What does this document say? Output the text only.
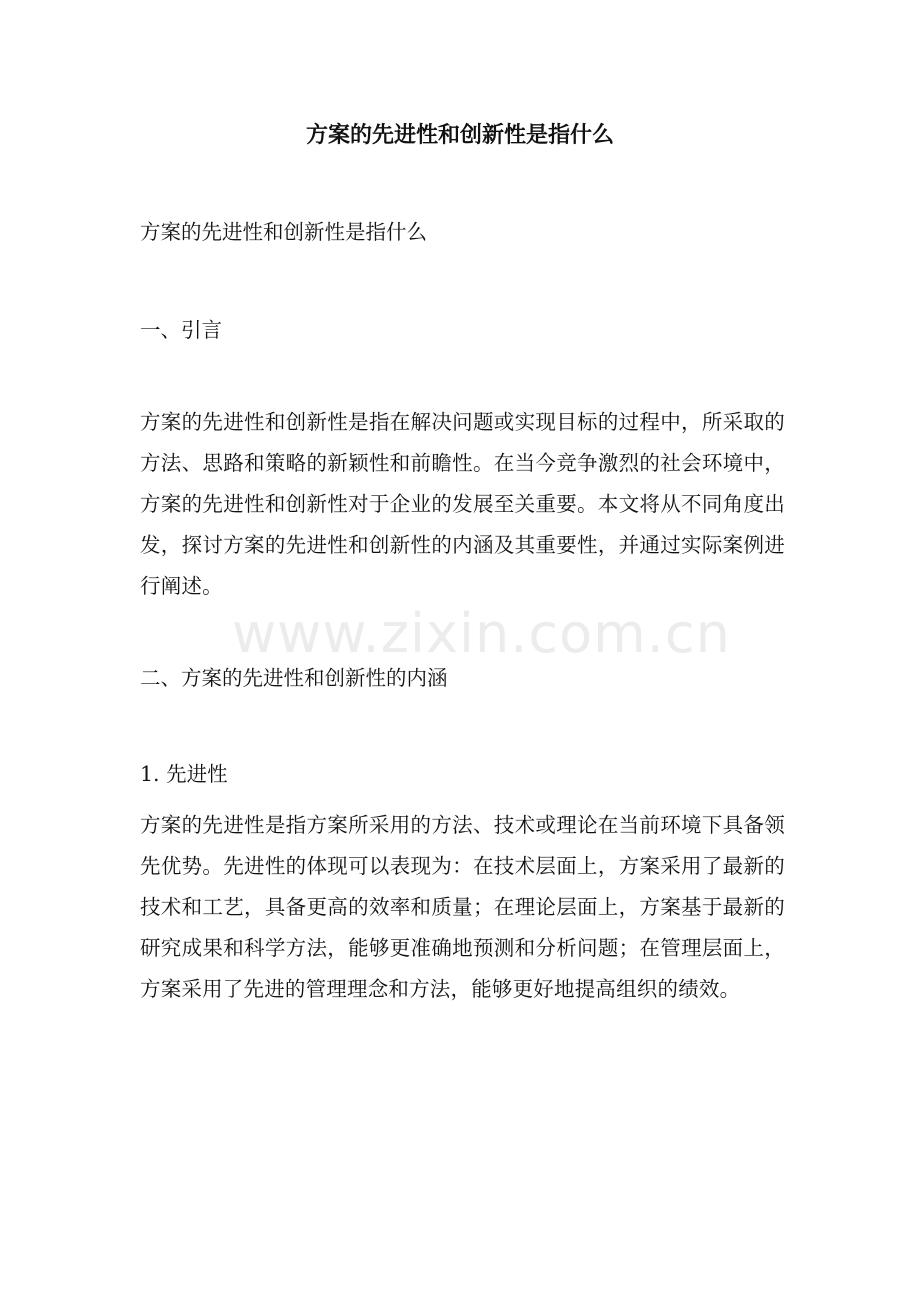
方案的先进性和创新性是指什么

方案的先进性和创新性是指什么

一、引言

方案的先进性和创新性是指在解决问题或实现目标的过程中，所采取的方法、思路和策略的新颖性和前瞻性。在当今竞争激烈的社会环境中，方案的先进性和创新性对于企业的发展至关重要。本文将从不同角度出发，探讨方案的先进性和创新性的内涵及其重要性，并通过实际案例进行阐述。

二、方案的先进性和创新性的内涵

1. 先进性

方案的先进性是指方案所采用的方法、技术或理论在当前环境下具备领先优势。先进性的体现可以表现为：在技术层面上，方案采用了最新的技术和工艺，具备更高的效率和质量；在理论层面上，方案基于最新的研究成果和科学方法，能够更准确地预测和分析问题；在管理层面上，方案采用了先进的管理理念和方法，能够更好地提高组织的绩效。

www.zixin.com.cn
